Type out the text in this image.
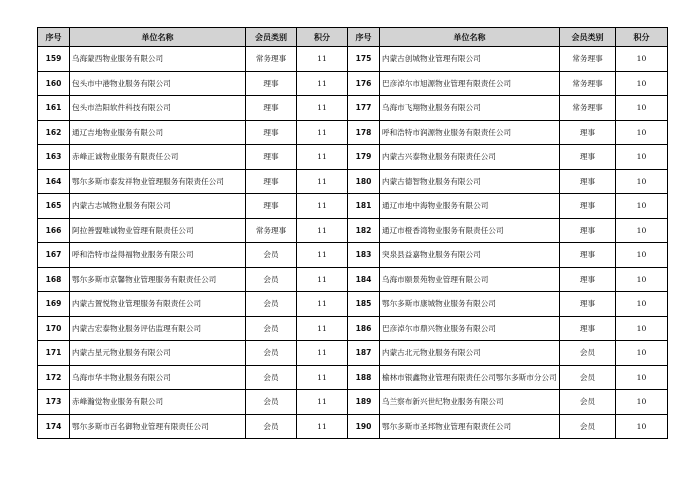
序号	单位名称	会员类别	积分	序号	单位名称	会员类别	积分
159	乌海蒙西物业服务有限公司	常务理事	11	175	内蒙古创城物业管理有限公司	常务理事	10
160	包头市中港物业服务有限公司	理事	11	176	巴彦淖尔市旭源物业管理有限责任公司	常务理事	10
161	包头市浩阳软件科技有限公司	理事	11	177	乌海市飞翔物业服务有限公司	常务理事	10
162	通辽吉地物业服务有限公司	理事	11	178	呼和浩特市润源物业服务有限责任公司	理事	10
163	赤峰正诚物业服务有限责任公司	理事	11	179	内蒙古兴泰物业服务有限责任公司	理事	10
164	鄂尔多斯市泰发祥物业管理服务有限责任公司	理事	11	180	内蒙古德智物业服务有限公司	理事	10
165	内蒙古志城物业服务有限公司	理事	11	181	通辽市地中海物业服务有限公司	理事	10
166	阿拉善盟唯诚物业管理有限责任公司	常务理事	11	182	通辽市橙香湾物业服务有限责任公司	理事	10
167	呼和浩特市益得福物业服务有限公司	会员	11	183	突泉县益嘉物业服务有限公司	理事	10
168	鄂尔多斯市京馨物业管理服务有限责任公司	会员	11	184	乌海市颐景苑物业管理有限公司	理事	10
169	内蒙古置悦物业管理服务有限责任公司	会员	11	185	鄂尔多斯市康城物业服务有限公司	理事	10
170	内蒙古宏泰物业服务评估监理有限公司	会员	11	186	巴彦淖尔市鼎兴物业服务有限公司	理事	10
171	内蒙古星元物业服务有限公司	会员	11	187	内蒙古北元物业服务有限公司	会员	10
172	乌海市华丰物业服务有限公司	会员	11	188	榆林市银鑫物业管理有限责任公司鄂尔多斯市分公司	会员	10
173	赤峰瀚觉物业服务有限公司	会员	11	189	乌兰察布新兴世纪物业服务有限公司	会员	10
174	鄂尔多斯市百名御物业管理有限责任公司	会员	11	190	鄂尔多斯市圣邦物业管理有限责任公司	会员	10
